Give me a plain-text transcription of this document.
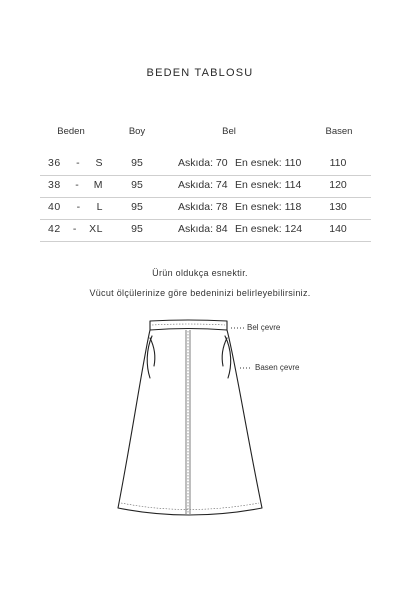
BEDEN TABLOSU
Beden	Boy	Bel	Basen
36 - S	95	Askıda: 70 En esnek: 110	110
38 - M	95	Askıda: 74 En esnek: 114	120
40 - L	95	Askıda: 78 En esnek: 118	130
42 - XL	95	Askıda: 84 En esnek: 124	140
Ürün oldukça esnektir.
Vücut ölçülerinize göre bedeninizi belirleyebilirsiniz.
Bel çevre
Basen çevre
